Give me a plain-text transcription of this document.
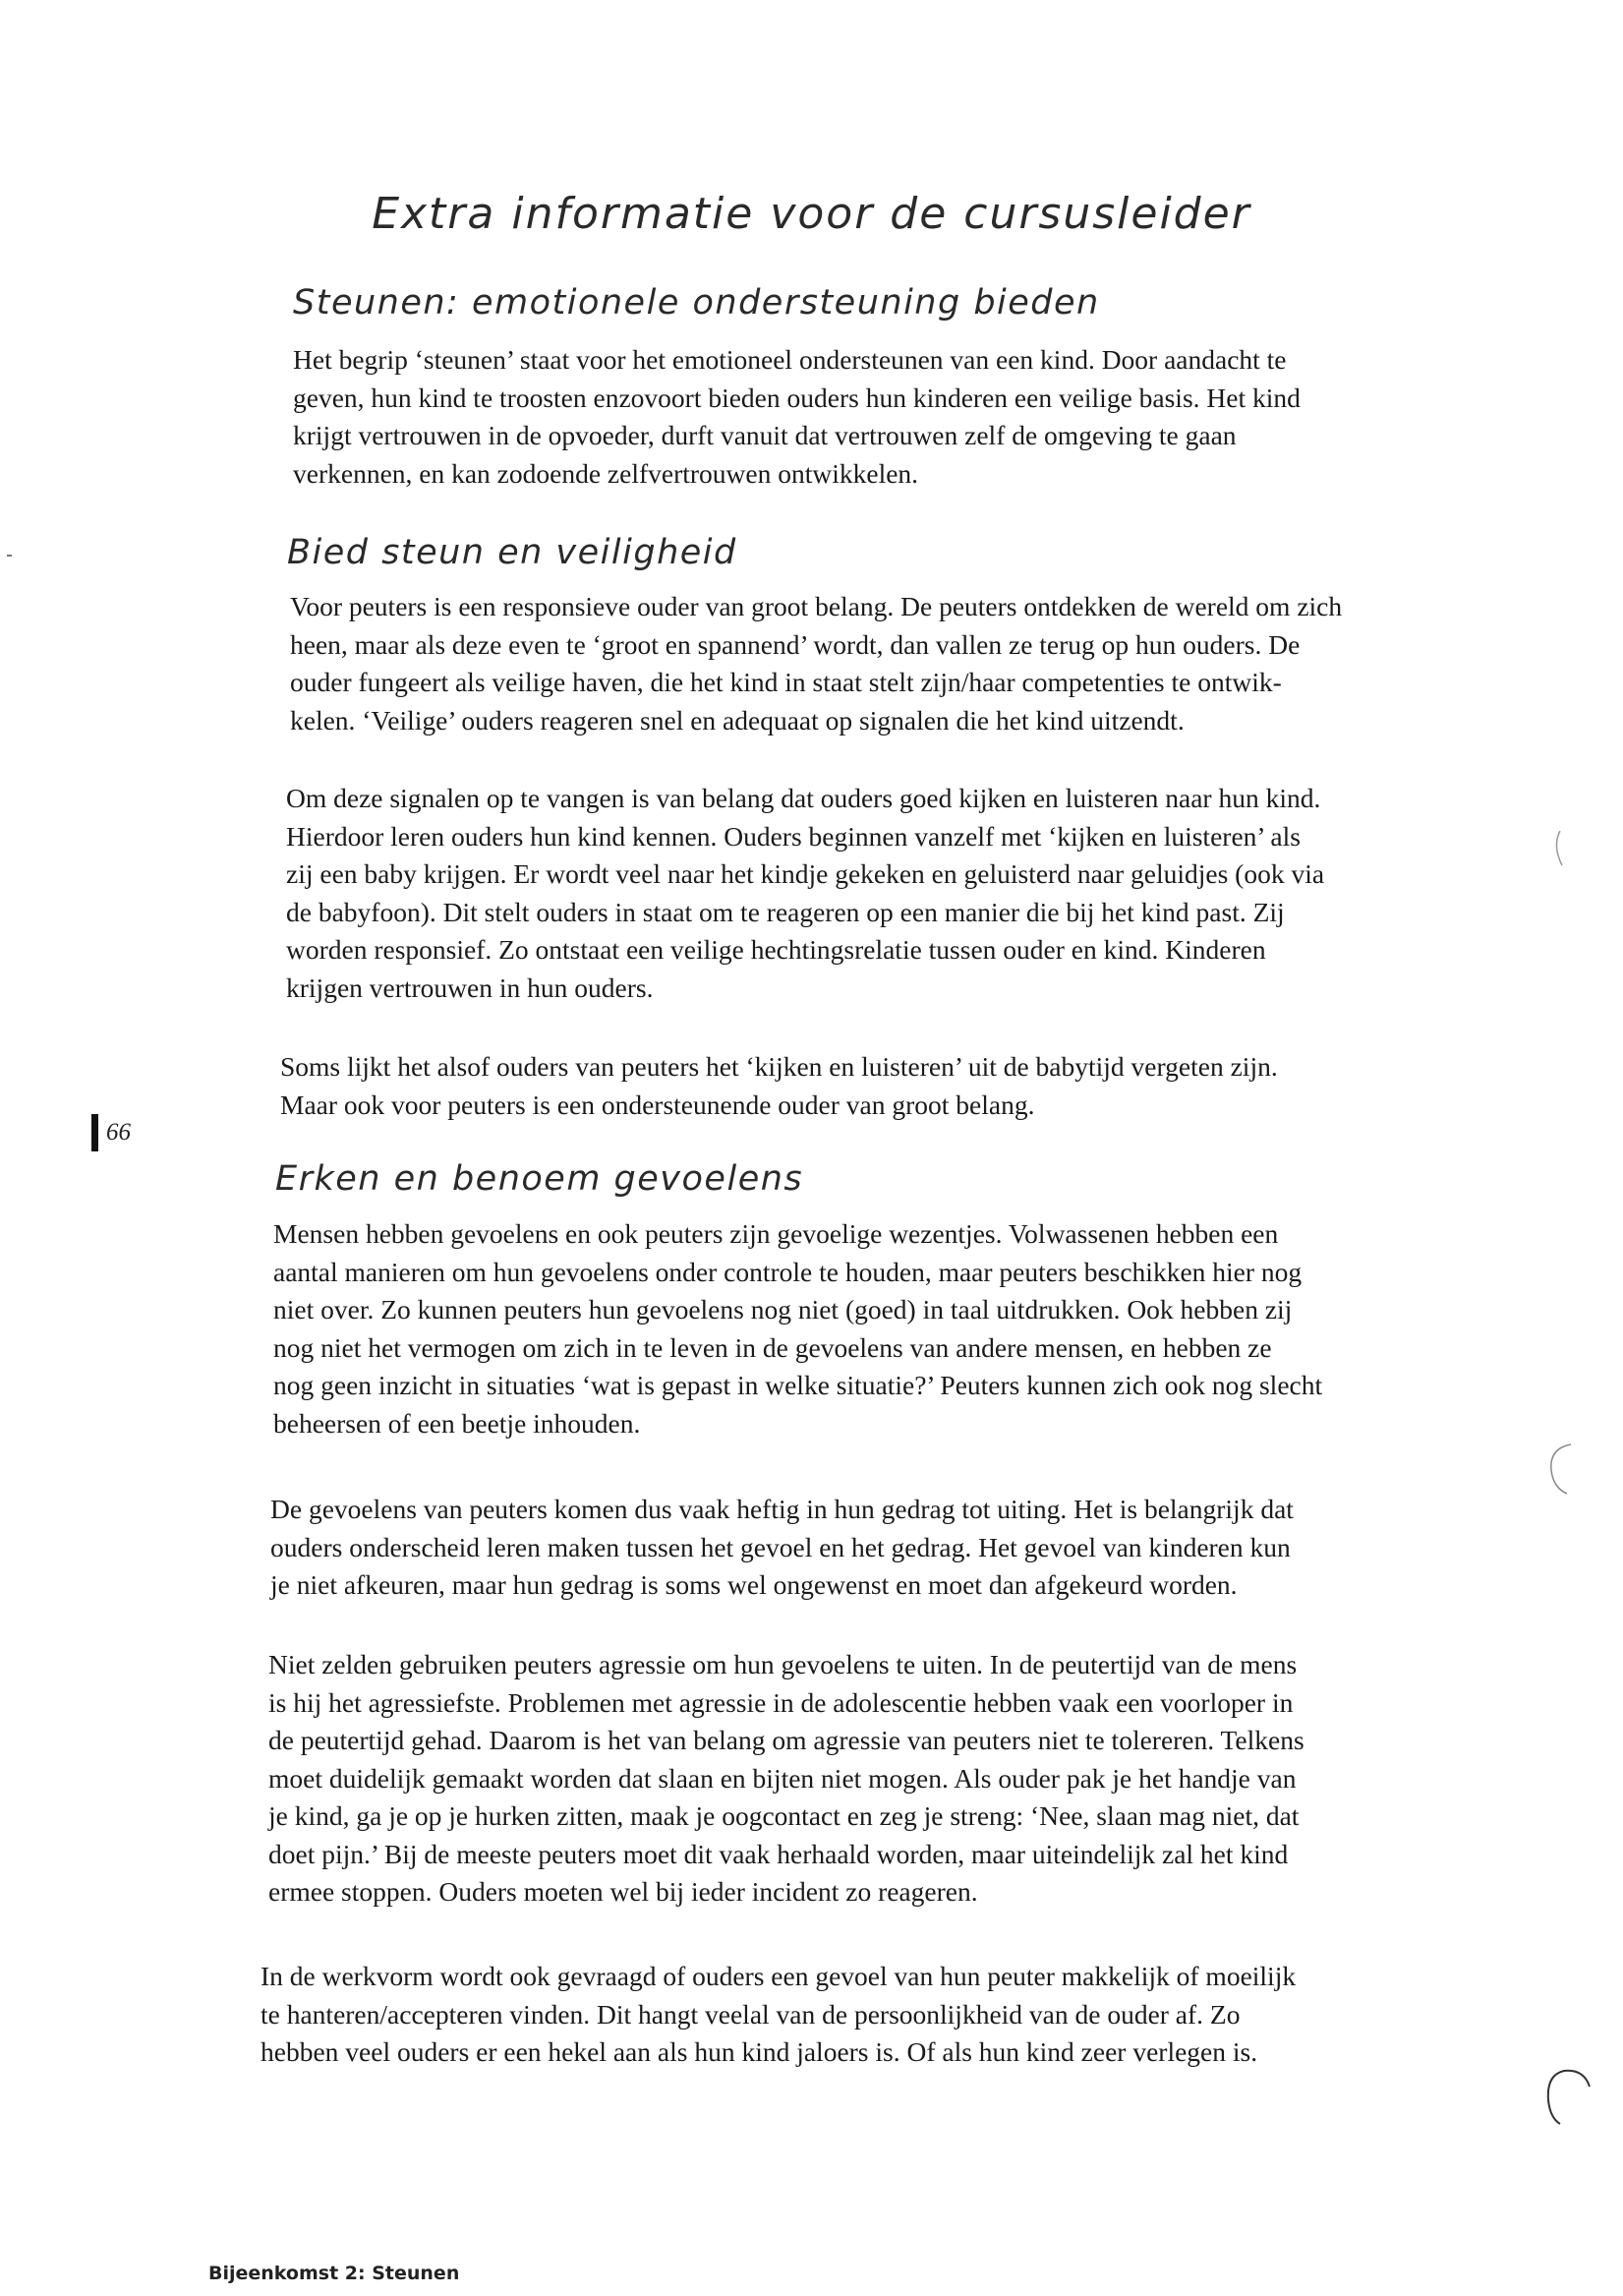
Extra informatie voor de cursusleider
Steunen: emotionele ondersteuning bieden
Het begrip ‘steunen’ staat voor het emotioneel ondersteunen van een kind. Door aandacht te
geven, hun kind te troosten enzovoort bieden ouders hun kinderen een veilige basis. Het kind
krijgt vertrouwen in de opvoeder, durft vanuit dat vertrouwen zelf de omgeving te gaan
verkennen, en kan zodoende zelfvertrouwen ontwikkelen.
Bied steun en veiligheid
Voor peuters is een responsieve ouder van groot belang. De peuters ontdekken de wereld om zich
heen, maar als deze even te ‘groot en spannend’ wordt, dan vallen ze terug op hun ouders. De
ouder fungeert als veilige haven, die het kind in staat stelt zijn/haar competenties te ontwik-
kelen. ‘Veilige’ ouders reageren snel en adequaat op signalen die het kind uitzendt.
Om deze signalen op te vangen is van belang dat ouders goed kijken en luisteren naar hun kind.
Hierdoor leren ouders hun kind kennen. Ouders beginnen vanzelf met ‘kijken en luisteren’ als
zij een baby krijgen. Er wordt veel naar het kindje gekeken en geluisterd naar geluidjes (ook via
de babyfoon). Dit stelt ouders in staat om te reageren op een manier die bij het kind past. Zij
worden responsief. Zo ontstaat een veilige hechtingsrelatie tussen ouder en kind. Kinderen
krijgen vertrouwen in hun ouders.
Soms lijkt het alsof ouders van peuters het ‘kijken en luisteren’ uit de babytijd vergeten zijn.
Maar ook voor peuters is een ondersteunende ouder van groot belang.
66
Erken en benoem gevoelens
Mensen hebben gevoelens en ook peuters zijn gevoelige wezentjes. Volwassenen hebben een
aantal manieren om hun gevoelens onder controle te houden, maar peuters beschikken hier nog
niet over. Zo kunnen peuters hun gevoelens nog niet (goed) in taal uitdrukken. Ook hebben zij
nog niet het vermogen om zich in te leven in de gevoelens van andere mensen, en hebben ze
nog geen inzicht in situaties ‘wat is gepast in welke situatie?’ Peuters kunnen zich ook nog slecht
beheersen of een beetje inhouden.
De gevoelens van peuters komen dus vaak heftig in hun gedrag tot uiting. Het is belangrijk dat
ouders onderscheid leren maken tussen het gevoel en het gedrag. Het gevoel van kinderen kun
je niet afkeuren, maar hun gedrag is soms wel ongewenst en moet dan afgekeurd worden.
Niet zelden gebruiken peuters agressie om hun gevoelens te uiten. In de peutertijd van de mens
is hij het agressiefste. Problemen met agressie in de adolescentie hebben vaak een voorloper in
de peutertijd gehad. Daarom is het van belang om agressie van peuters niet te tolereren. Telkens
moet duidelijk gemaakt worden dat slaan en bijten niet mogen. Als ouder pak je het handje van
je kind, ga je op je hurken zitten, maak je oogcontact en zeg je streng: ‘Nee, slaan mag niet, dat
doet pijn.’ Bij de meeste peuters moet dit vaak herhaald worden, maar uiteindelijk zal het kind
ermee stoppen. Ouders moeten wel bij ieder incident zo reageren.
In de werkvorm wordt ook gevraagd of ouders een gevoel van hun peuter makkelijk of moeilijk
te hanteren/accepteren vinden. Dit hangt veelal van de persoonlijkheid van de ouder af. Zo
hebben veel ouders er een hekel aan als hun kind jaloers is. Of als hun kind zeer verlegen is.

Bijeenkomst 2: Steunen
